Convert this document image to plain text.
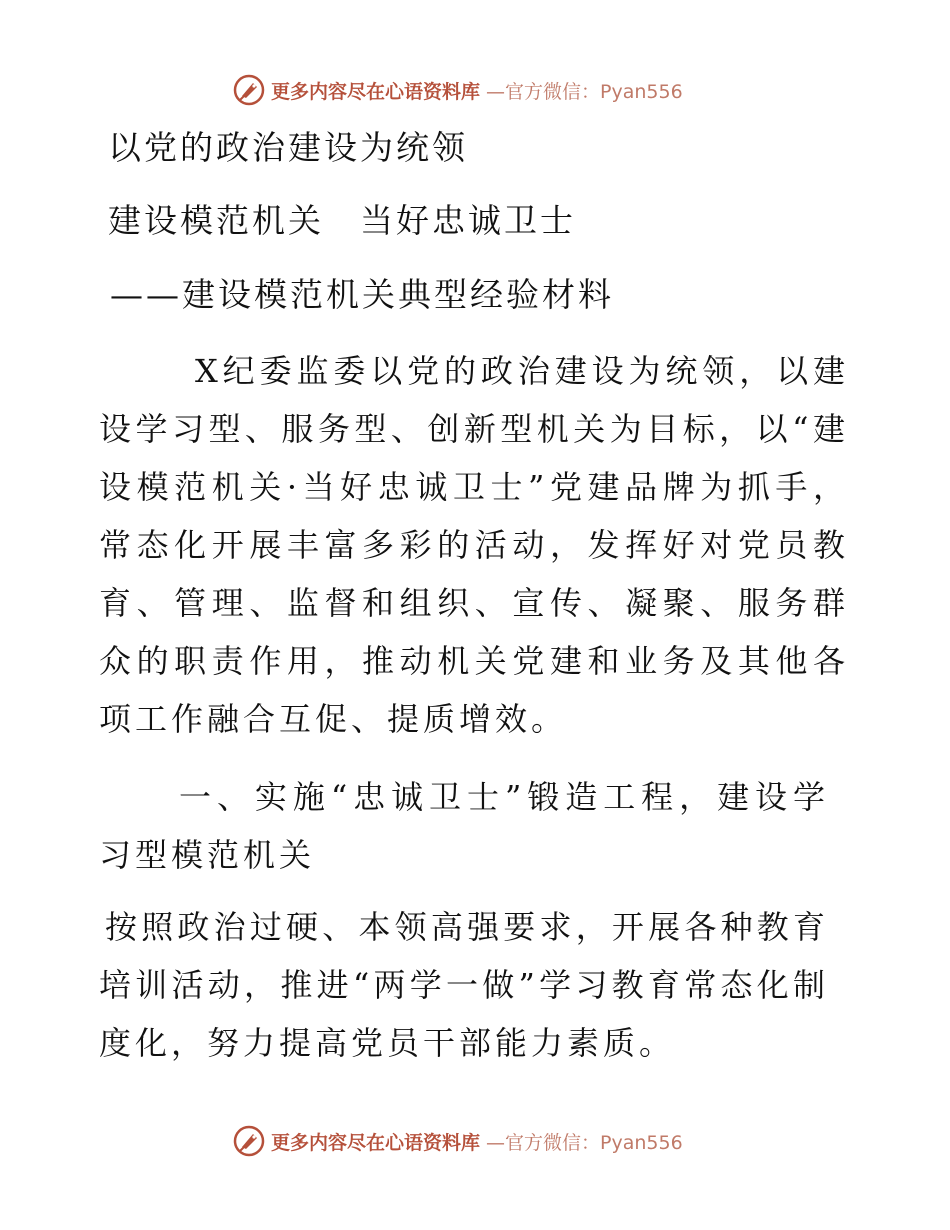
更多内容尽在心语资料库 —官方微信：Pyan556
以党的政治建设为统领
建设模范机关　当好忠诚卫士
——建设模范机关典型经验材料

X纪委监委以党的政治建设为统领，以建设学习型、服务型、创新型机关为目标，以“建设模范机关·当好忠诚卫士”党建品牌为抓手，常态化开展丰富多彩的活动，发挥好对党员教育、管理、监督和组织、宣传、凝聚、服务群众的职责作用，推动机关党建和业务及其他各项工作融合互促、提质增效。

一、实施“忠诚卫士”锻造工程，建设学习型模范机关

按照政治过硬、本领高强要求，开展各种教育培训活动，推进“两学一做”学习教育常态化制度化，努力提高党员干部能力素质。

更多内容尽在心语资料库 —官方微信：Pyan556
